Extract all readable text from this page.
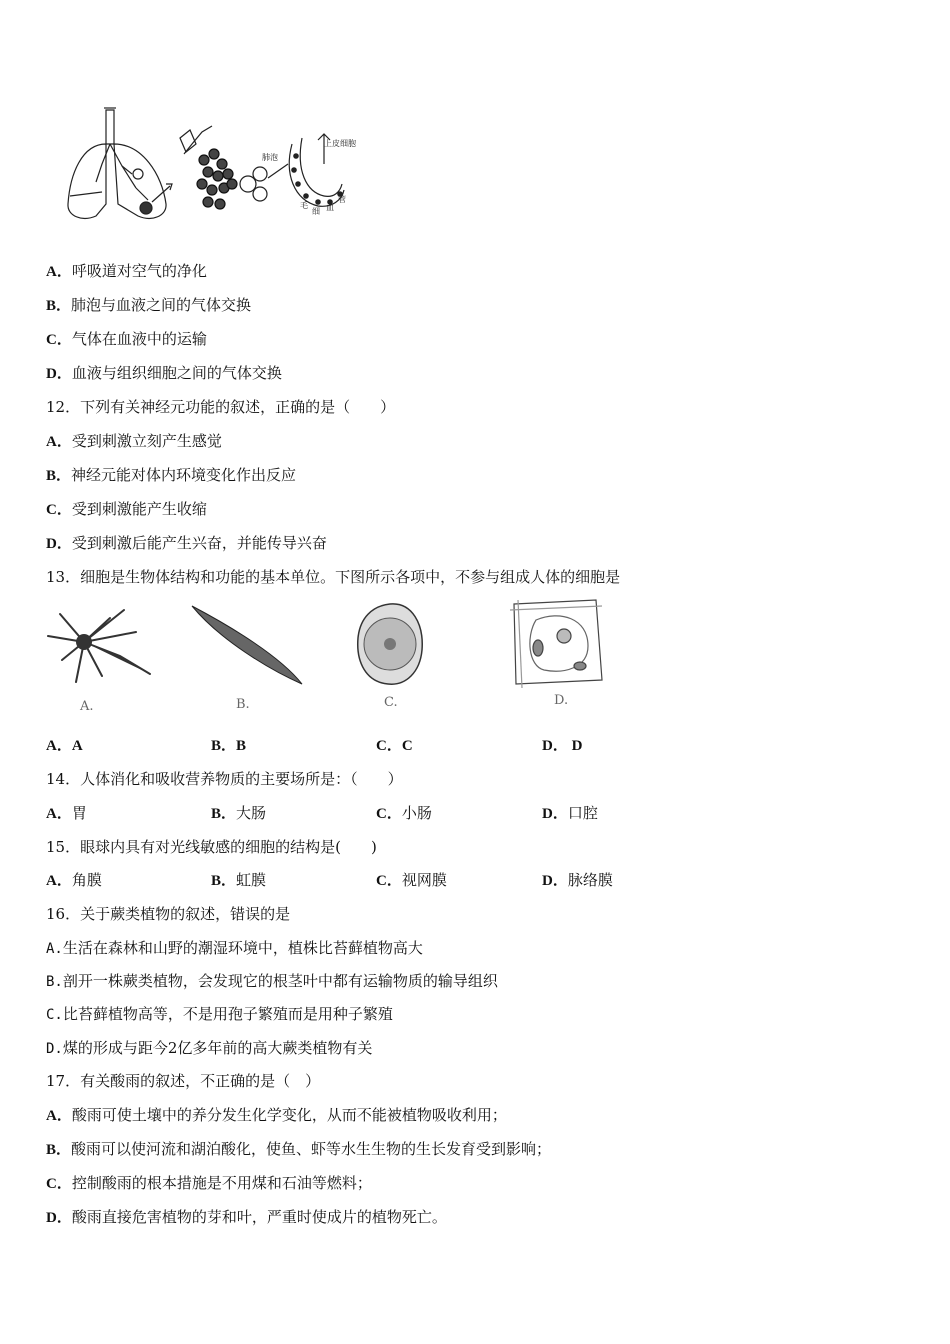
肺泡
上皮细胞
毛
细 血
管
A．呼吸道对空气的净化
B．肺泡与血液之间的气体交换
C．气体在血液中的运输
D．血液与组织细胞之间的气体交换
12．下列有关神经元功能的叙述，正确的是（　　）
A．受到刺激立刻产生感觉
B．神经元能对体内环境变化作出反应
C．受到刺激能产生收缩
D．受到刺激后能产生兴奋，并能传导兴奋
13．细胞是生物体结构和功能的基本单位。下图所示各项中，不参与组成人体的细胞是
A.	B.	C.	D.
A．A	B．B	C．C	D． D
14．人体消化和吸收营养物质的主要场所是：（　　）
A．胃	B．大肠	C．小肠	D．口腔
15．眼球内具有对光线敏感的细胞的结构是(　　)
A．角膜	B．虹膜	C．视网膜	D．脉络膜
16．关于蕨类植物的叙述，错误的是
A.生活在森林和山野的潮湿环境中，植株比苔藓植物高大
B.剖开一株蕨类植物，会发现它的根茎叶中都有运输物质的输导组织
C.比苔藓植物高等，不是用孢子繁殖而是用种子繁殖
D.煤的形成与距今2亿多年前的高大蕨类植物有关
17．有关酸雨的叙述，不正确的是（　）
A．酸雨可使土壤中的养分发生化学变化，从而不能被植物吸收利用；
B．酸雨可以使河流和湖泊酸化，使鱼、虾等水生生物的生长发育受到影响；
C．控制酸雨的根本措施是不用煤和石油等燃料；
D．酸雨直接危害植物的芽和叶，严重时使成片的植物死亡。
